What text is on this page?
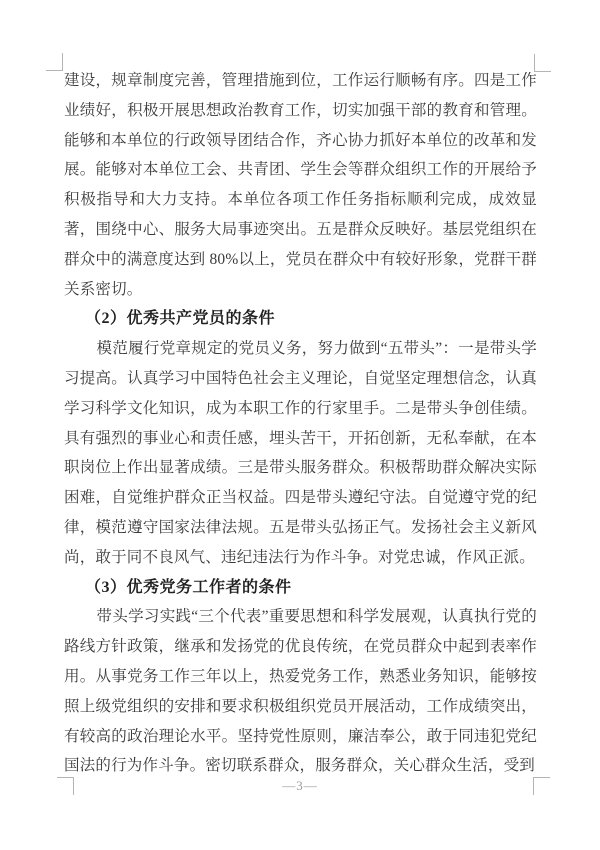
建设，规章制度完善，管理措施到位，工作运行顺畅有序。四是工作业绩好，积极开展思想政治教育工作，切实加强干部的教育和管理。能够和本单位的行政领导团结合作，齐心协力抓好本单位的改革和发展。能够对本单位工会、共青团、学生会等群众组织工作的开展给予积极指导和大力支持。本单位各项工作任务指标顺利完成，成效显著，围绕中心、服务大局事迹突出。五是群众反映好。基层党组织在群众中的满意度达到 80%以上，党员在群众中有较好形象，党群干群关系密切。

（2）优秀共产党员的条件

模范履行党章规定的党员义务，努力做到“五带头”：一是带头学习提高。认真学习中国特色社会主义理论，自觉坚定理想信念，认真学习科学文化知识，成为本职工作的行家里手。二是带头争创佳绩。具有强烈的事业心和责任感，埋头苦干，开拓创新，无私奉献，在本职岗位上作出显著成绩。三是带头服务群众。积极帮助群众解决实际困难，自觉维护群众正当权益。四是带头遵纪守法。自觉遵守党的纪律，模范遵守国家法律法规。五是带头弘扬正气。发扬社会主义新风尚，敢于同不良风气、违纪违法行为作斗争。对党忠诚，作风正派。

（3）优秀党务工作者的条件

带头学习实践“三个代表”重要思想和科学发展观，认真执行党的路线方针政策，继承和发扬党的优良传统，在党员群众中起到表率作用。从事党务工作三年以上，热爱党务工作，熟悉业务知识，能够按照上级党组织的安排和要求积极组织党员开展活动，工作成绩突出，有较高的政治理论水平。坚持党性原则，廉洁奉公，敢于同违犯党纪国法的行为作斗争。密切联系群众，服务群众，关心群众生活，受到

—3—
